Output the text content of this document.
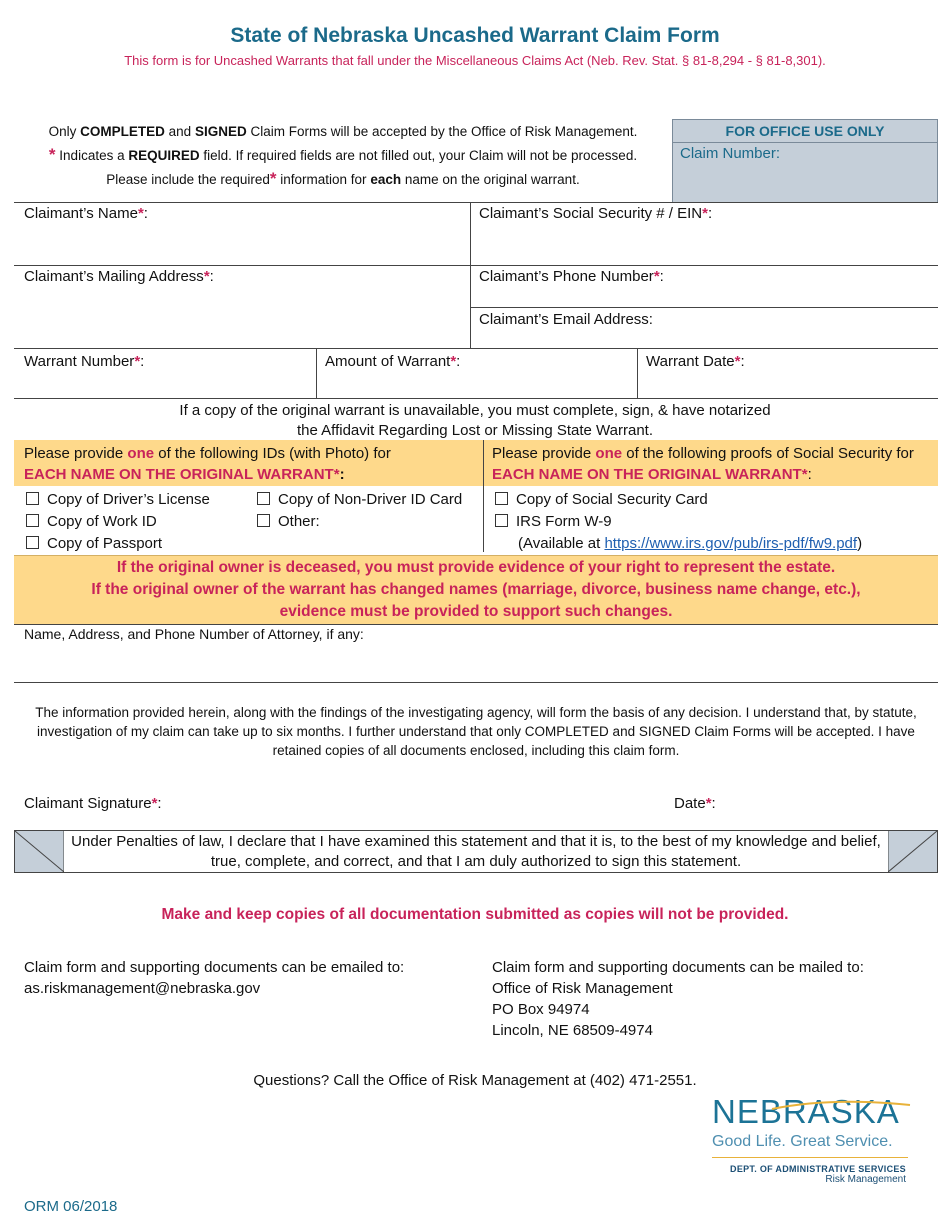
State of Nebraska Uncashed Warrant Claim Form
This form is for Uncashed Warrants that fall under the Miscellaneous Claims Act (Neb. Rev. Stat. § 81-8,294 - § 81-8,301).
Only COMPLETED and SIGNED Claim Forms will be accepted by the Office of Risk Management.
* Indicates a REQUIRED field. If required fields are not filled out, your Claim will not be processed.
Please include the required* information for each name on the original warrant.
FOR OFFICE USE ONLY
Claim Number:
Claimant’s Name*:	Claimant’s Social Security # / EIN*:
Claimant’s Mailing Address*:	Claimant’s Phone Number*:
Claimant’s Email Address:
Warrant Number*:	Amount of Warrant*:	Warrant Date*:
If a copy of the original warrant is unavailable, you must complete, sign, & have notarized
the Affidavit Regarding Lost or Missing State Warrant.
Please provide one of the following IDs (with Photo) for
EACH NAME ON THE ORIGINAL WARRANT*:
Please provide one of the following proofs of Social Security for
EACH NAME ON THE ORIGINAL WARRANT*:
Copy of Driver’s License
Copy of Work ID
Copy of Passport
Copy of Non-Driver ID Card
Other:
Copy of Social Security Card
IRS Form W-9
(Available at https://www.irs.gov/pub/irs-pdf/fw9.pdf)
If the original owner is deceased, you must provide evidence of your right to represent the estate.
If the original owner of the warrant has changed names (marriage, divorce, business name change, etc.),
evidence must be provided to support such changes.
Name, Address, and Phone Number of Attorney, if any:
The information provided herein, along with the findings of the investigating agency, will form the basis of any decision. I understand that, by statute, investigation of my claim can take up to six months. I further understand that only COMPLETED and SIGNED Claim Forms will be accepted. I have retained copies of all documents enclosed, including this claim form.
Claimant Signature*:	Date*:
Under Penalties of law, I declare that I have examined this statement and that it is, to the best of my knowledge and belief, true, complete, and correct, and that I am duly authorized to sign this statement.
Make and keep copies of all documentation submitted as copies will not be provided.
Claim form and supporting documents can be emailed to:
as.riskmanagement@nebraska.gov
Claim form and supporting documents can be mailed to:
Office of Risk Management
PO Box 94974
Lincoln, NE 68509-4974
Questions? Call the Office of Risk Management at (402) 471-2551.
NEBRASKA
Good Life. Great Service.
DEPT. OF ADMINISTRATIVE SERVICES
Risk Management
ORM 06/2018
